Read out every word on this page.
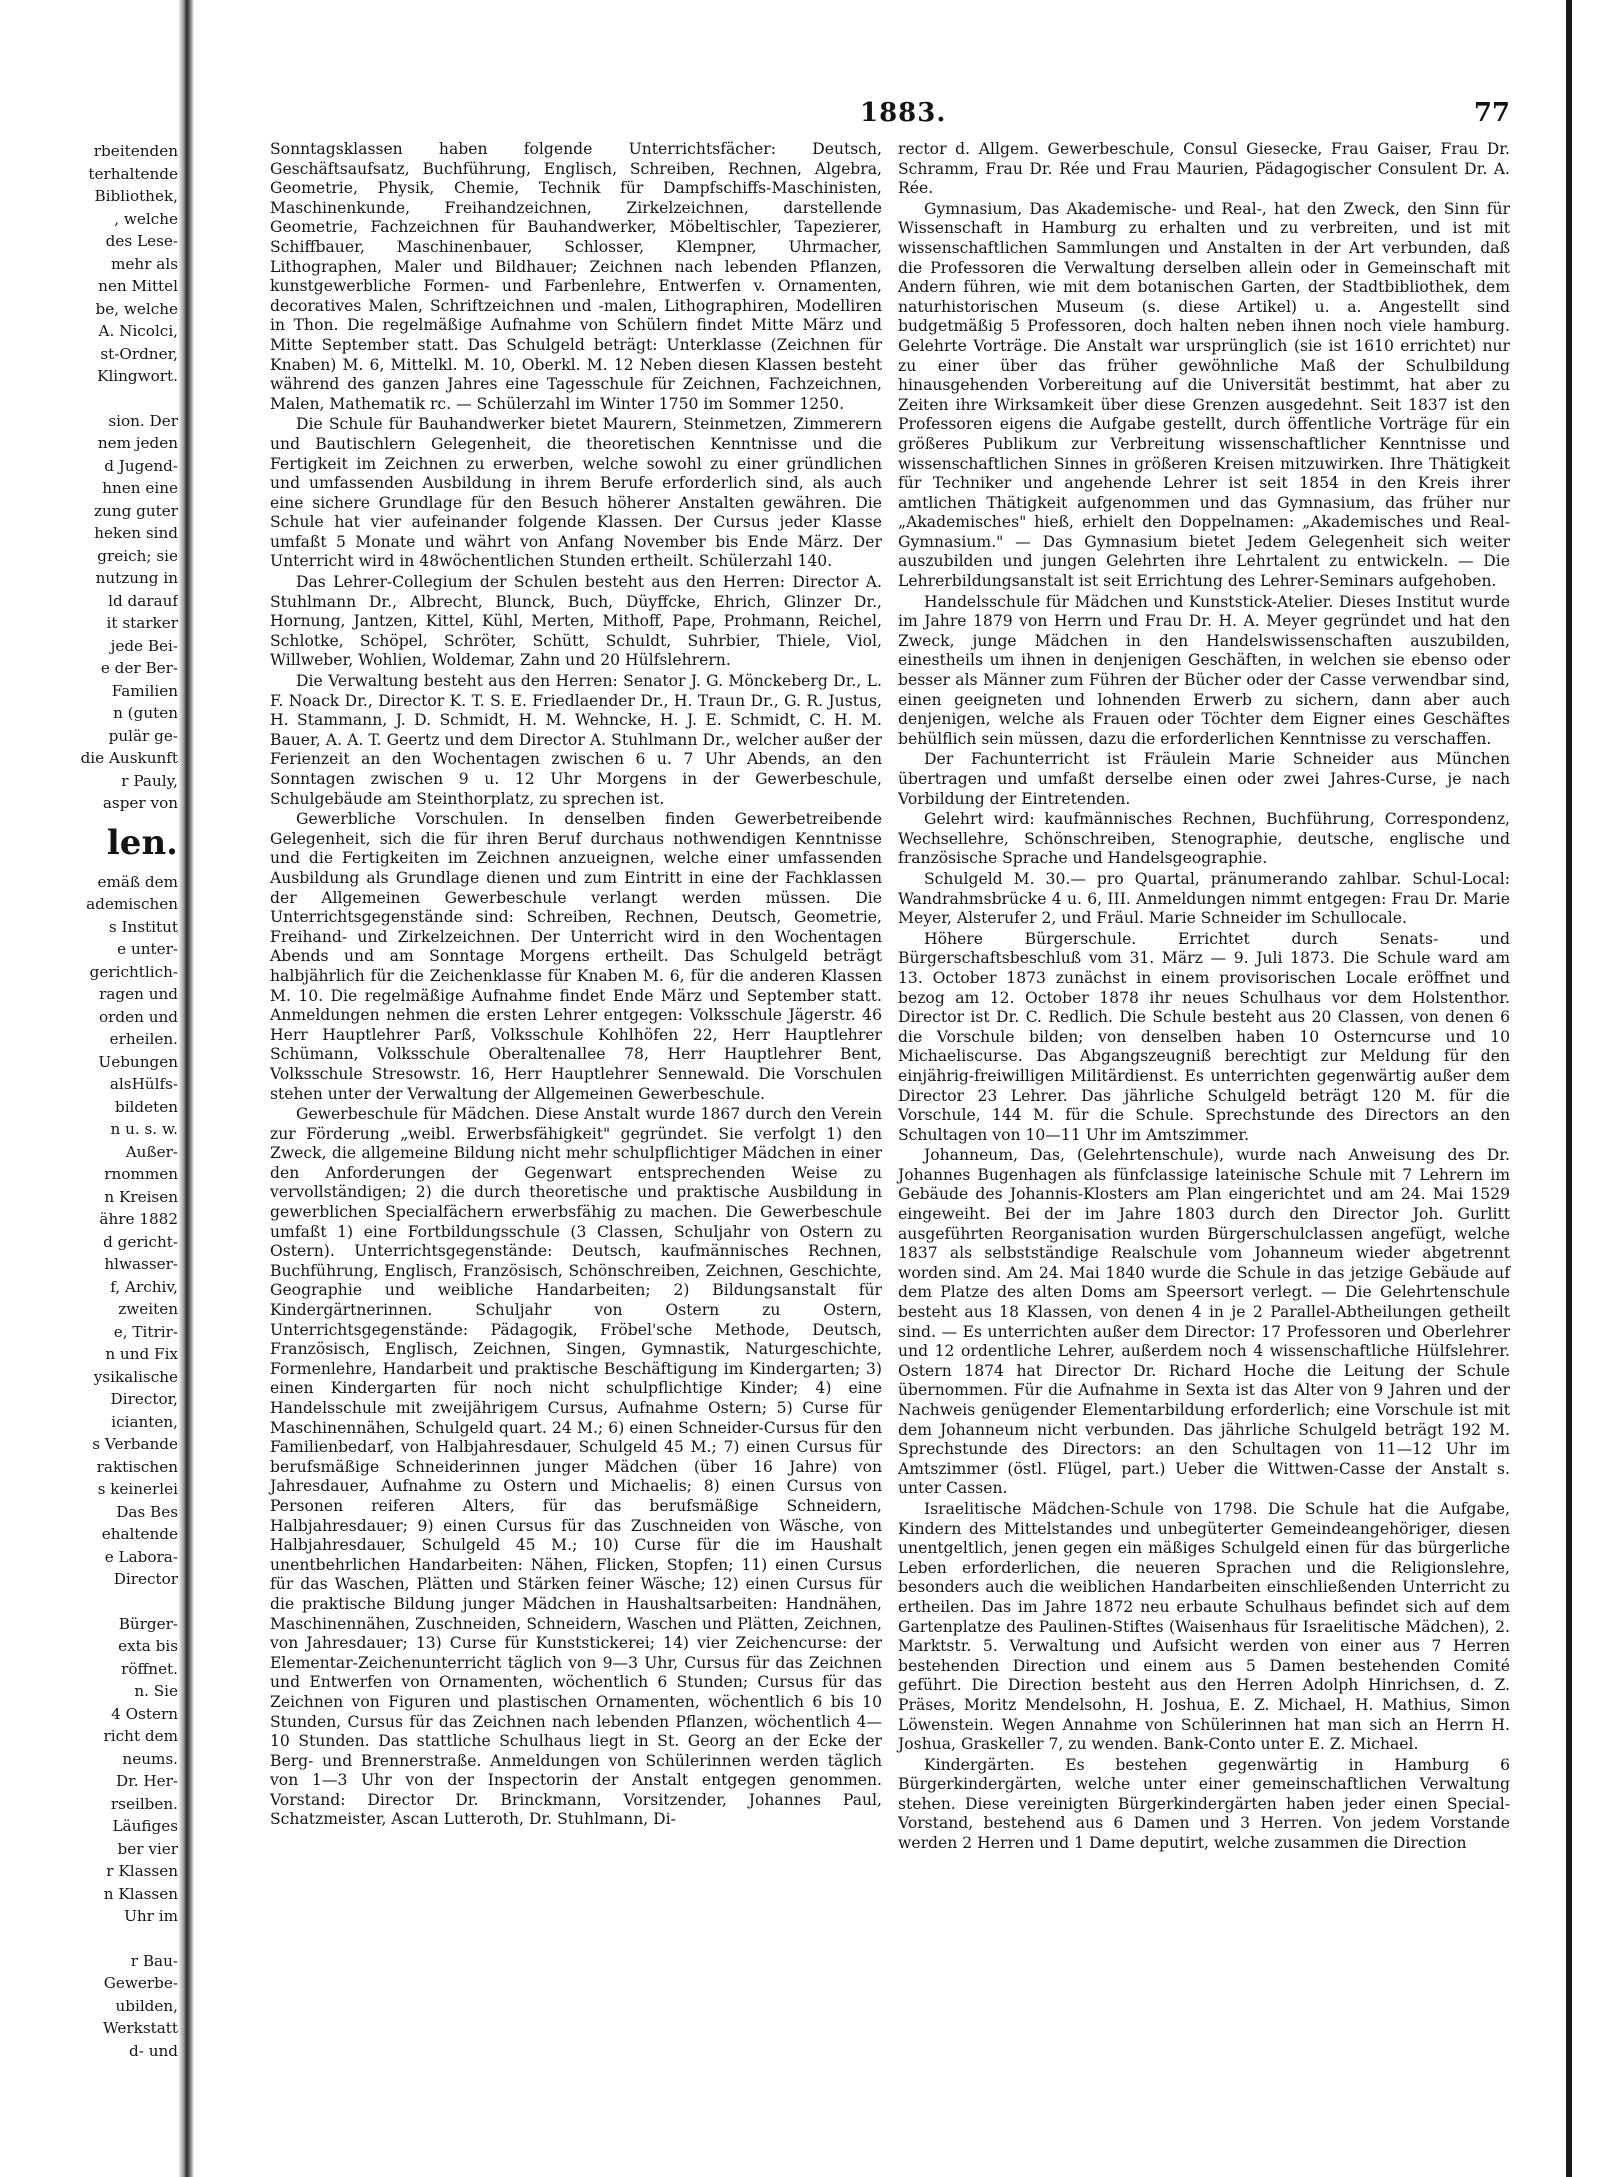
rbeitenden
terhaltende
Bibliothek,
, welche
des Lese-
mehr als
nen Mittel
be, welche
A. Nicolci,
st-Ordner,
Klingwort.
sion. Der
nem jeden
d Jugend-
hnen eine
zung guter
heken sind
greich; sie
nutzung in
ld darauf
it starker
jede Bei-
e der Ber-
Familien
n (guten
pulär ge-
die Auskunft
r Pauly,
asper von
len.
emäß dem
ademischen
s Institut
e unter-
gerichtlich-
ragen und
orden und
erheilen.
Uebungen
alsHülfs-
bildeten
n u. s. w.
Außer-
rnommen
n Kreisen
ähre 1882
d gericht-
hlwasser-
f, Archiv,
zweiten
e, Titrir-
n und Fix
ysikalische
Director,
icianten,
s Verbande
raktischen
s keinerlei
Das Bes
ehaltende
e Labora-
Director
Bürger-
exta bis
röffnet.
n. Sie
4 Ostern
richt dem
neums.
Dr. Her-
rseilben.
Läufiges
ber vier
r Klassen
n Klassen
Uhr im
r Bau-
Gewerbe-
ubilden,
Werkstatt
d- und
1883.	77

Sonntagsklassen haben folgende Unterrichtsfächer: Deutsch, Geschäftsaufsatz, Buchführung, Englisch, Schreiben, Rechnen, Algebra, Geometrie, Physik, Chemie, Technik für Dampfschiffs-Maschinisten, Maschinenkunde, Freihandzeichnen, Zirkelzeichnen, darstellende Geometrie, Fachzeichnen für Bauhandwerker, Möbeltischler, Tapezierer, Schiffbauer, Maschinenbauer, Schlosser, Klempner, Uhrmacher, Lithographen, Maler und Bildhauer; Zeichnen nach lebenden Pflanzen, kunstgewerbliche Formen- und Farbenlehre, Entwerfen v. Ornamenten, decoratives Malen, Schriftzeichnen und -malen, Lithographiren, Modelliren in Thon. Die regelmäßige Aufnahme von Schülern findet Mitte März und Mitte September statt. Das Schulgeld beträgt: Unterklasse (Zeichnen für Knaben) M. 6, Mittelkl. M. 10, Oberkl. M. 12 Neben diesen Klassen besteht während des ganzen Jahres eine Tagesschule für Zeichnen, Fachzeichnen, Malen, Mathematik rc. — Schülerzahl im Winter 1750 im Sommer 1250.

Die Schule für Bauhandwerker bietet Maurern, Steinmetzen, Zimmerern und Bautischlern Gelegenheit, die theoretischen Kenntnisse und die Fertigkeit im Zeichnen zu erwerben, welche sowohl zu einer gründlichen und umfassenden Ausbildung in ihrem Berufe erforderlich sind, als auch eine sichere Grundlage für den Besuch höherer Anstalten gewähren. Die Schule hat vier aufeinander folgende Klassen. Der Cursus jeder Klasse umfaßt 5 Monate und währt von Anfang November bis Ende März. Der Unterricht wird in 48wöchentlichen Stunden ertheilt. Schülerzahl 140.

Das Lehrer-Collegium der Schulen besteht aus den Herren: Director A. Stuhlmann Dr., Albrecht, Blunck, Buch, Düyffcke, Ehrich, Glinzer Dr., Hornung, Jantzen, Kittel, Kühl, Merten, Mithoff, Pape, Prohmann, Reichel, Schlotke, Schöpel, Schröter, Schütt, Schuldt, Suhrbier, Thiele, Viol, Willweber, Wohlien, Woldemar, Zahn und 20 Hülfslehrern.

Die Verwaltung besteht aus den Herren: Senator J. G. Mönckeberg Dr., L. F. Noack Dr., Director K. T. S. E. Friedlaender Dr., H. Traun Dr., G. R. Justus, H. Stammann, J. D. Schmidt, H. M. Wehncke, H. J. E. Schmidt, C. H. M. Bauer, A. A. T. Geertz und dem Director A. Stuhlmann Dr., welcher außer der Ferienzeit an den Wochentagen zwischen 6 u. 7 Uhr Abends, an den Sonntagen zwischen 9 u. 12 Uhr Morgens in der Gewerbeschule, Schulgebäude am Steinthorplatz, zu sprechen ist.

Gewerbliche Vorschulen. In denselben finden Gewerbetreibende Gelegenheit, sich die für ihren Beruf durchaus nothwendigen Kenntnisse und die Fertigkeiten im Zeichnen anzueignen, welche einer umfassenden Ausbildung als Grundlage dienen und zum Eintritt in eine der Fachklassen der Allgemeinen Gewerbeschule verlangt werden müssen. Die Unterrichtsgegenstände sind: Schreiben, Rechnen, Deutsch, Geometrie, Freihand- und Zirkelzeichnen. Der Unterricht wird in den Wochentagen Abends und am Sonntage Morgens ertheilt. Das Schulgeld beträgt halbjährlich für die Zeichenklasse für Knaben M. 6, für die anderen Klassen M. 10. Die regelmäßige Aufnahme findet Ende März und September statt. Anmeldungen nehmen die ersten Lehrer entgegen: Volksschule Jägerstr. 46 Herr Hauptlehrer Parß, Volksschule Kohlhöfen 22, Herr Hauptlehrer Schümann, Volksschule Oberaltenallee 78, Herr Hauptlehrer Bent, Volksschule Stresowstr. 16, Herr Hauptlehrer Sennewald. Die Vorschulen stehen unter der Verwaltung der Allgemeinen Gewerbeschule.

Gewerbeschule für Mädchen. Diese Anstalt wurde 1867 durch den Verein zur Förderung „weibl. Erwerbsfähigkeit" gegründet. Sie verfolgt 1) den Zweck, die allgemeine Bildung nicht mehr schulpflichtiger Mädchen in einer den Anforderungen der Gegenwart entsprechenden Weise zu vervollständigen; 2) die durch theoretische und praktische Ausbildung in gewerblichen Specialfächern erwerbsfähig zu machen. Die Gewerbeschule umfaßt 1) eine Fortbildungsschule (3 Classen, Schuljahr von Ostern zu Ostern). Unterrichtsgegenstände: Deutsch, kaufmännisches Rechnen, Buchführung, Englisch, Französisch, Schönschreiben, Zeichnen, Geschichte, Geographie und weibliche Handarbeiten; 2) Bildungsanstalt für Kindergärtnerinnen. Schuljahr von Ostern zu Ostern, Unterrichtsgegenstände: Pädagogik, Fröbel'sche Methode, Deutsch, Französisch, Englisch, Zeichnen, Singen, Gymnastik, Naturgeschichte, Formenlehre, Handarbeit und praktische Beschäftigung im Kindergarten; 3) einen Kindergarten für noch nicht schulpflichtige Kinder; 4) eine Handelsschule mit zweijährigem Cursus, Aufnahme Ostern; 5) Curse für Maschinennähen, Schulgeld quart. 24 M.; 6) einen Schneider-Cursus für den Familienbedarf, von Halbjahresdauer, Schulgeld 45 M.; 7) einen Cursus für berufsmäßige Schneiderinnen junger Mädchen (über 16 Jahre) von Jahresdauer, Aufnahme zu Ostern und Michaelis; 8) einen Cursus von Personen reiferen Alters, für das berufsmäßige Schneidern, Halbjahresdauer; 9) einen Cursus für das Zuschneiden von Wäsche, von Halbjahresdauer, Schulgeld 45 M.; 10) Curse für die im Haushalt unentbehrlichen Handarbeiten: Nähen, Flicken, Stopfen; 11) einen Cursus für das Waschen, Plätten und Stärken feiner Wäsche; 12) einen Cursus für die praktische Bildung junger Mädchen in Haushaltsarbeiten: Handnähen, Maschinennähen, Zuschneiden, Schneidern, Waschen und Plätten, Zeichnen, von Jahresdauer; 13) Curse für Kunststickerei; 14) vier Zeichencurse: der Elementar-Zeichenunterricht täglich von 9—3 Uhr, Cursus für das Zeichnen und Entwerfen von Ornamenten, wöchentlich 6 Stunden; Cursus für das Zeichnen von Figuren und plastischen Ornamenten, wöchentlich 6 bis 10 Stunden, Cursus für das Zeichnen nach lebenden Pflanzen, wöchentlich 4—10 Stunden. Das stattliche Schulhaus liegt in St. Georg an der Ecke der Berg- und Brennerstraße. Anmeldungen von Schülerinnen werden täglich von 1—3 Uhr von der Inspectorin der Anstalt entgegen genommen. Vorstand: Director Dr. Brinckmann, Vorsitzender, Johannes Paul, Schatzmeister, Ascan Lutteroth, Dr. Stuhlmann, Di-

rector d. Allgem. Gewerbeschule, Consul Giesecke, Frau Gaiser, Frau Dr. Schramm, Frau Dr. Rée und Frau Maurien, Pädagogischer Consulent Dr. A. Rée.

Gymnasium, Das Akademische- und Real-, hat den Zweck, den Sinn für Wissenschaft in Hamburg zu erhalten und zu verbreiten, und ist mit wissenschaftlichen Sammlungen und Anstalten in der Art verbunden, daß die Professoren die Verwaltung derselben allein oder in Gemeinschaft mit Andern führen, wie mit dem botanischen Garten, der Stadtbibliothek, dem naturhistorischen Museum (s. diese Artikel) u. a. Angestellt sind budgetmäßig 5 Professoren, doch halten neben ihnen noch viele hamburg. Gelehrte Vorträge. Die Anstalt war ursprünglich (sie ist 1610 errichtet) nur zu einer über das früher gewöhnliche Maß der Schulbildung hinausgehenden Vorbereitung auf die Universität bestimmt, hat aber zu Zeiten ihre Wirksamkeit über diese Grenzen ausgedehnt. Seit 1837 ist den Professoren eigens die Aufgabe gestellt, durch öffentliche Vorträge für ein größeres Publikum zur Verbreitung wissenschaftlicher Kenntnisse und wissenschaftlichen Sinnes in größeren Kreisen mitzuwirken. Ihre Thätigkeit für Techniker und angehende Lehrer ist seit 1854 in den Kreis ihrer amtlichen Thätigkeit aufgenommen und das Gymnasium, das früher nur „Akademisches" hieß, erhielt den Doppelnamen: „Akademisches und Real-Gymnasium." — Das Gymnasium bietet Jedem Gelegenheit sich weiter auszubilden und jungen Gelehrten ihre Lehrtalent zu entwickeln. — Die Lehrerbildungsanstalt ist seit Errichtung des Lehrer-Seminars aufgehoben.

Handelsschule für Mädchen und Kunststick-Atelier. Dieses Institut wurde im Jahre 1879 von Herrn und Frau Dr. H. A. Meyer gegründet und hat den Zweck, junge Mädchen in den Handelswissenschaften auszubilden, einestheils um ihnen in denjenigen Geschäften, in welchen sie ebenso oder besser als Männer zum Führen der Bücher oder der Casse verwendbar sind, einen geeigneten und lohnenden Erwerb zu sichern, dann aber auch denjenigen, welche als Frauen oder Töchter dem Eigner eines Geschäftes behülflich sein müssen, dazu die erforderlichen Kenntnisse zu verschaffen.

Der Fachunterricht ist Fräulein Marie Schneider aus München übertragen und umfaßt derselbe einen oder zwei Jahres-Curse, je nach Vorbildung der Eintretenden.

Gelehrt wird: kaufmännisches Rechnen, Buchführung, Correspondenz, Wechsellehre, Schönschreiben, Stenographie, deutsche, englische und französische Sprache und Handelsgeographie.

Schulgeld M. 30.— pro Quartal, pränumerando zahlbar. Schul-Local: Wandrahmsbrücke 4 u. 6, III. Anmeldungen nimmt entgegen: Frau Dr. Marie Meyer, Alsterufer 2, und Fräul. Marie Schneider im Schullocale.

Höhere Bürgerschule. Errichtet durch Senats- und Bürgerschaftsbeschluß vom 31. März — 9. Juli 1873. Die Schule ward am 13. October 1873 zunächst in einem provisorischen Locale eröffnet und bezog am 12. October 1878 ihr neues Schulhaus vor dem Holstenthor. Director ist Dr. C. Redlich. Die Schule besteht aus 20 Classen, von denen 6 die Vorschule bilden; von denselben haben 10 Osterncurse und 10 Michaeliscurse. Das Abgangszeugniß berechtigt zur Meldung für den einjährig-freiwilligen Militärdienst. Es unterrichten gegenwärtig außer dem Director 23 Lehrer. Das jährliche Schulgeld beträgt 120 M. für die Vorschule, 144 M. für die Schule. Sprechstunde des Directors an den Schultagen von 10—11 Uhr im Amtszimmer.

Johanneum, Das, (Gelehrtenschule), wurde nach Anweisung des Dr. Johannes Bugenhagen als fünfclassige lateinische Schule mit 7 Lehrern im Gebäude des Johannis-Klosters am Plan eingerichtet und am 24. Mai 1529 eingeweiht. Bei der im Jahre 1803 durch den Director Joh. Gurlitt ausgeführten Reorganisation wurden Bürgerschulclassen angefügt, welche 1837 als selbstständige Realschule vom Johanneum wieder abgetrennt worden sind. Am 24. Mai 1840 wurde die Schule in das jetzige Gebäude auf dem Platze des alten Doms am Speersort verlegt. — Die Gelehrtenschule besteht aus 18 Klassen, von denen 4 in je 2 Parallel-Abtheilungen getheilt sind. — Es unterrichten außer dem Director: 17 Professoren und Oberlehrer und 12 ordentliche Lehrer, außerdem noch 4 wissenschaftliche Hülfslehrer. Ostern 1874 hat Director Dr. Richard Hoche die Leitung der Schule übernommen. Für die Aufnahme in Sexta ist das Alter von 9 Jahren und der Nachweis genügender Elementarbildung erforderlich; eine Vorschule ist mit dem Johanneum nicht verbunden. Das jährliche Schulgeld beträgt 192 M. Sprechstunde des Directors: an den Schultagen von 11—12 Uhr im Amtszimmer (östl. Flügel, part.) Ueber die Wittwen-Casse der Anstalt s. unter Cassen.

Israelitische Mädchen-Schule von 1798. Die Schule hat die Aufgabe, Kindern des Mittelstandes und unbegüterter Gemeindeangehöriger, diesen unentgeltlich, jenen gegen ein mäßiges Schulgeld einen für das bürgerliche Leben erforderlichen, die neueren Sprachen und die Religionslehre, besonders auch die weiblichen Handarbeiten einschließenden Unterricht zu ertheilen. Das im Jahre 1872 neu erbaute Schulhaus befindet sich auf dem Gartenplatze des Paulinen-Stiftes (Waisenhaus für Israelitische Mädchen), 2. Marktstr. 5. Verwaltung und Aufsicht werden von einer aus 7 Herren bestehenden Direction und einem aus 5 Damen bestehenden Comité geführt. Die Direction besteht aus den Herren Adolph Hinrichsen, d. Z. Präses, Moritz Mendelsohn, H. Joshua, E. Z. Michael, H. Mathius, Simon Löwenstein. Wegen Annahme von Schülerinnen hat man sich an Herrn H. Joshua, Graskeller 7, zu wenden. Bank-Conto unter E. Z. Michael.

Kindergärten. Es bestehen gegenwärtig in Hamburg 6 Bürgerkindergärten, welche unter einer gemeinschaftlichen Verwaltung stehen. Diese vereinigten Bürgerkindergärten haben jeder einen Special-Vorstand, bestehend aus 6 Damen und 3 Herren. Von jedem Vorstande werden 2 Herren und 1 Dame deputirt, welche zusammen die Direction
